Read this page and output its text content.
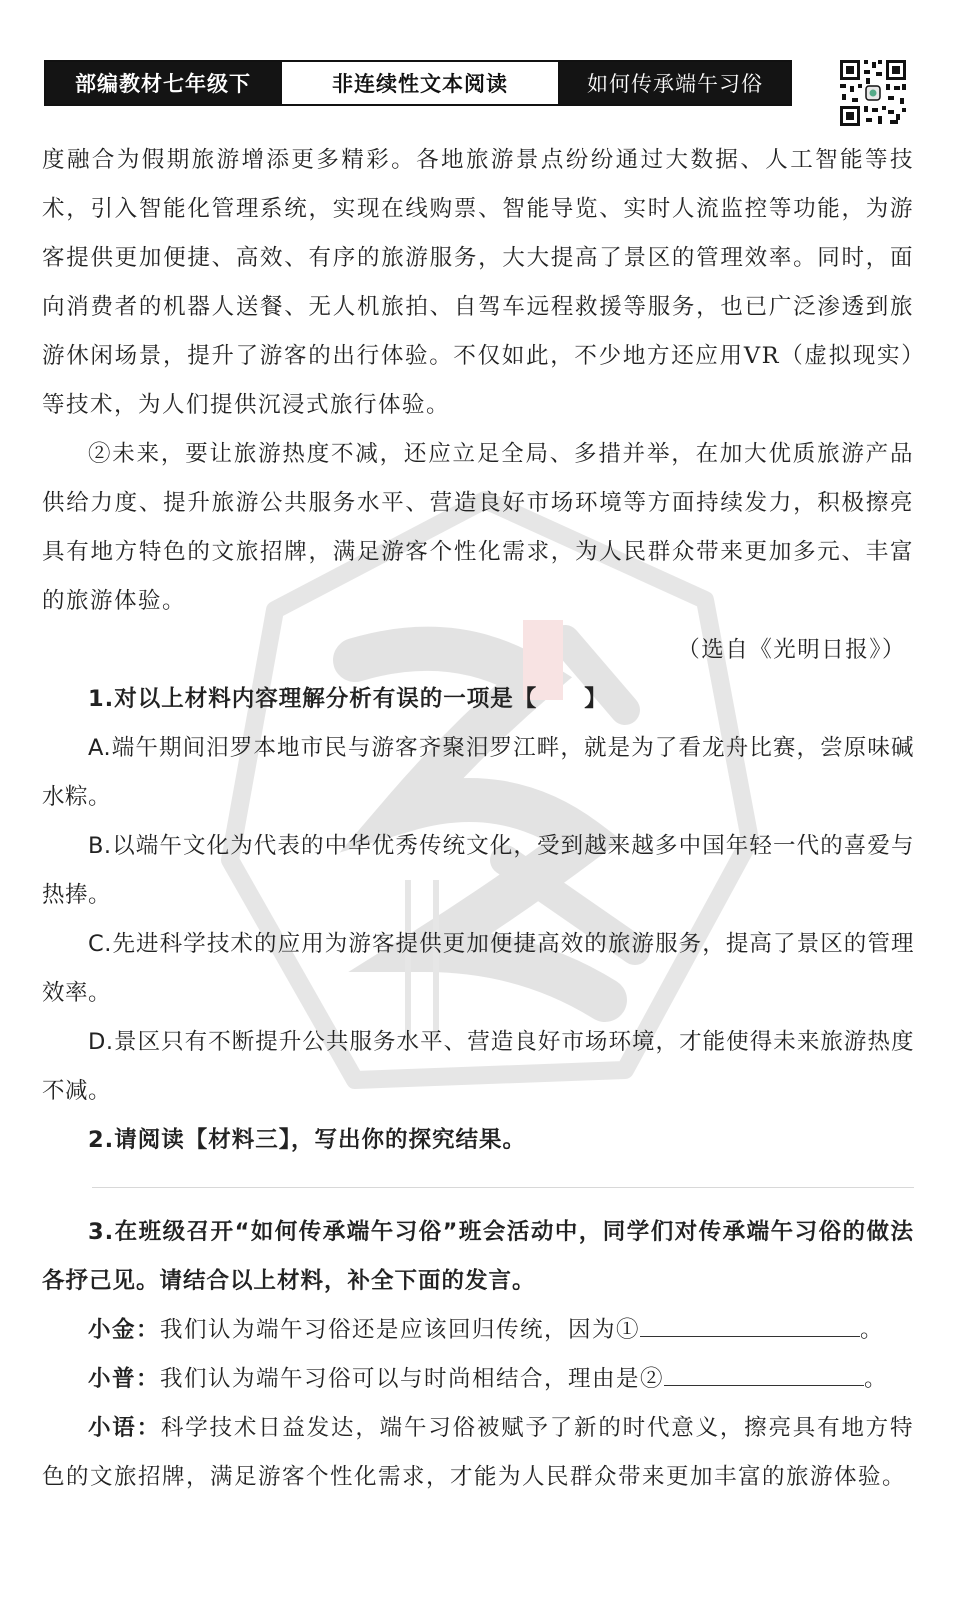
部编教材七年级下	非连续性文本阅读	如何传承端午习俗

度融合为假期旅游增添更多精彩。各地旅游景点纷纷通过大数据、人工智能等技术，引入智能化管理系统，实现在线购票、智能导览、实时人流监控等功能，为游客提供更加便捷、高效、有序的旅游服务，大大提高了景区的管理效率。同时，面向消费者的机器人送餐、无人机旅拍、自驾车远程救援等服务，也已广泛渗透到旅游休闲场景，提升了游客的出行体验。不仅如此，不少地方还应用VR（虚拟现实）等技术，为人们提供沉浸式旅行体验。

②未来，要让旅游热度不减，还应立足全局、多措并举，在加大优质旅游产品供给力度、提升旅游公共服务水平、营造良好市场环境等方面持续发力，积极擦亮具有地方特色的文旅招牌，满足游客个性化需求，为人民群众带来更加多元、丰富的旅游体验。

（选自《光明日报》）

1.对以上材料内容理解分析有误的一项是【　　】

A.端午期间汨罗本地市民与游客齐聚汨罗江畔，就是为了看龙舟比赛，尝原味碱水粽。

B.以端午文化为代表的中华优秀传统文化，受到越来越多中国年轻一代的喜爱与热捧。

C.先进科学技术的应用为游客提供更加便捷高效的旅游服务，提高了景区的管理效率。

D.景区只有不断提升公共服务水平、营造良好市场环境，才能使得未来旅游热度不减。

2.请阅读【材料三】，写出你的探究结果。

3.在班级召开“如何传承端午习俗”班会活动中，同学们对传承端午习俗的做法各抒己见。请结合以上材料，补全下面的发言。

小金：我们认为端午习俗还是应该回归传统，因为①	。

小普：我们认为端午习俗可以与时尚相结合，理由是②	。

小语：科学技术日益发达，端午习俗被赋予了新的时代意义，擦亮具有地方特色的文旅招牌，满足游客个性化需求，才能为人民群众带来更加丰富的旅游体验。
